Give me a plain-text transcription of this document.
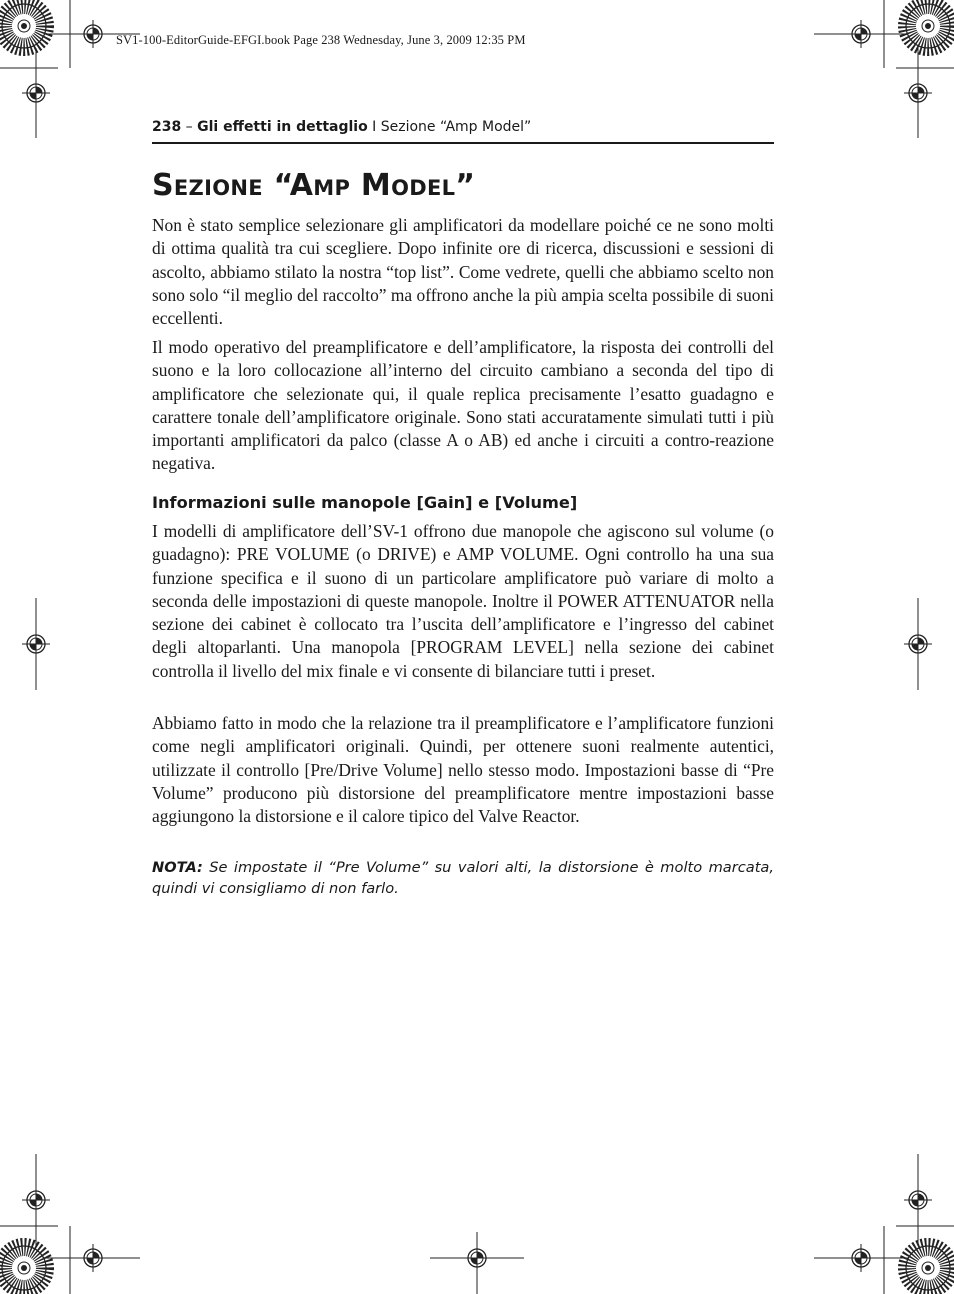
SV1-100-EditorGuide-EFGI.book Page 238 Wednesday, June 3, 2009 12:35 PM
238 – Gli effetti in dettaglio I Sezione “Amp Model”
Sezione “Amp Model”

Non è stato semplice selezionare gli amplificatori da modellare poiché ce ne sono molti di ottima qualità tra cui scegliere. Dopo infinite ore di ricerca, discussioni e sessioni di ascolto, abbiamo stilato la nostra “top list”. Come vedrete, quelli che abbiamo scelto non sono solo “il meglio del raccolto” ma offrono anche la più ampia scelta possibile di suoni eccellenti.

Il modo operativo del preamplificatore e dell’amplificatore, la risposta dei controlli del suono e la loro collocazione all’interno del circuito cambiano a seconda del tipo di amplificatore che selezionate qui, il quale replica precisamente l’esatto guadagno e carattere tonale dell’amplificatore originale. Sono stati accuratamente simulati tutti i più importanti amplificatori da palco (classe A o AB) ed anche i circuiti a contro-reazione negativa.

Informazioni sulle manopole [Gain] e [Volume]

I modelli di amplificatore dell’SV-1 offrono due manopole che agiscono sul volume (o guadagno): PRE VOLUME (o DRIVE) e AMP VOLUME. Ogni controllo ha una sua funzione specifica e il suono di un particolare amplificatore può variare di molto a seconda delle impostazioni di queste manopole. Inoltre il POWER ATTENUATOR nella sezione dei cabinet è collocato tra l’uscita dell’amplificatore e l’ingresso del cabinet degli altoparlanti. Una manopola [PROGRAM LEVEL] nella sezione dei cabinet controlla il livello del mix finale e vi consente di bilanciare tutti i preset.

Abbiamo fatto in modo che la relazione tra il preamplificatore e l’amplificatore funzioni come negli amplificatori originali. Quindi, per ottenere suoni realmente autentici, utilizzate il controllo [Pre/Drive Volume] nello stesso modo. Impostazioni basse di “Pre Volume” producono più distorsione del preamplificatore mentre impostazioni basse aggiungono la distorsione e il calore tipico del Valve Reactor.

NOTA: Se impostate il “Pre Volume” su valori alti, la distorsione è molto marcata, quindi vi consigliamo di non farlo.
